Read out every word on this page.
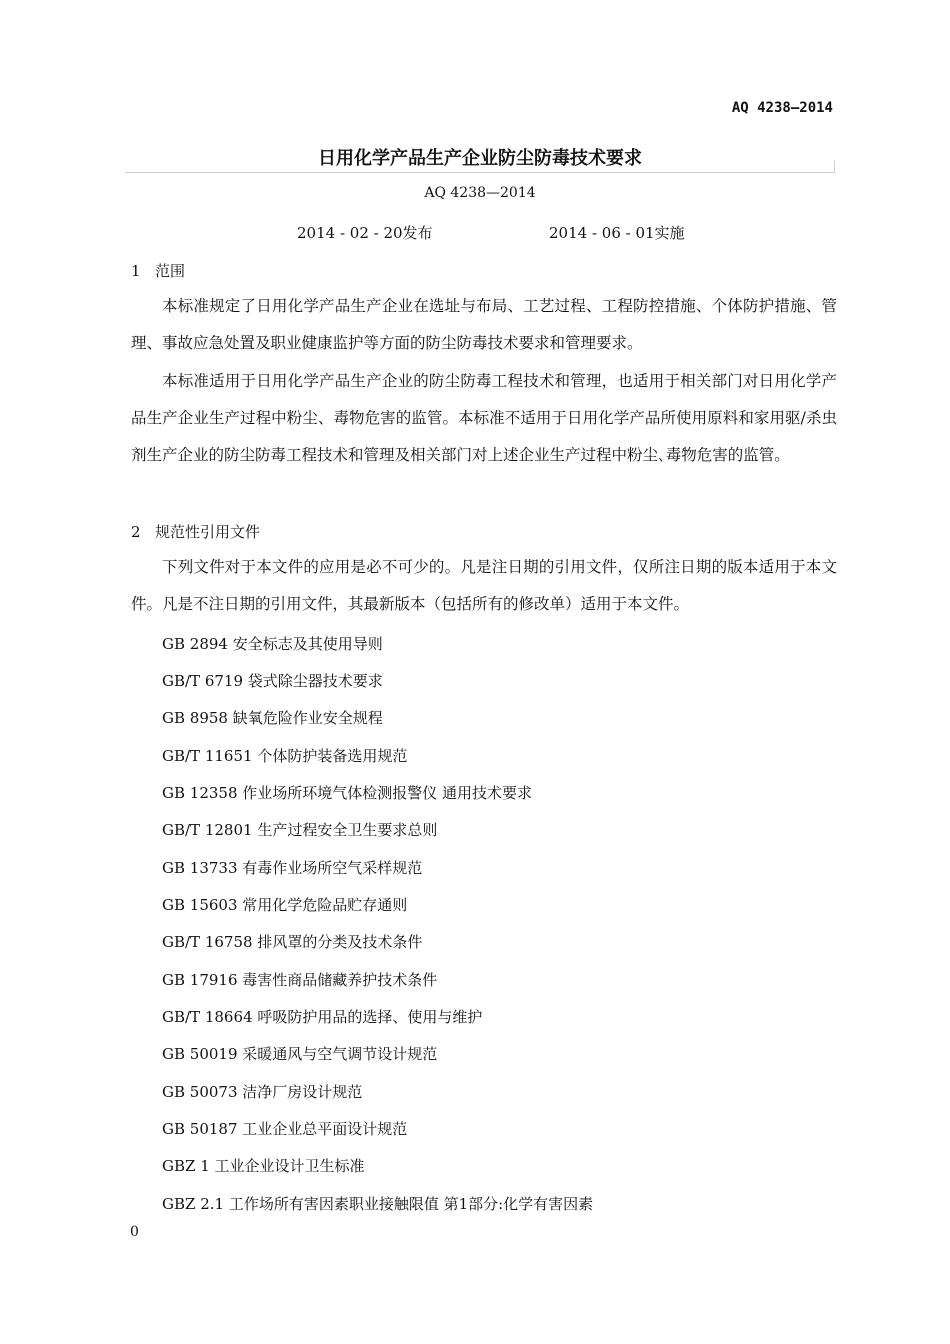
AQ 4238—2014
日用化学产品生产企业防尘防毒技术要求
AQ 4238—2014
2014 - 02 - 20发布	2014 - 06 - 01实施
1 范围

本标准规定了日用化学产品生产企业在选址与布局、工艺过程、工程防控措施、个体防护措施、管理、事故应急处置及职业健康监护等方面的防尘防毒技术要求和管理要求。

本标准适用于日用化学产品生产企业的防尘防毒工程技术和管理，也适用于相关部门对日用化学产品生产企业生产过程中粉尘、毒物危害的监管。本标准不适用于日用化学产品所使用原料和家用驱/杀虫剂生产企业的防尘防毒工程技术和管理及相关部门对上述企业生产过程中粉尘､毒物危害的监管。

2 规范性引用文件

下列文件对于本文件的应用是必不可少的。凡是注日期的引用文件，仅所注日期的版本适用于本文件。凡是不注日期的引用文件，其最新版本（包括所有的修改单）适用于本文件。

GB 2894 安全标志及其使用导则
GB/T 6719 袋式除尘器技术要求
GB 8958 缺氧危险作业安全规程
GB/T 11651 个体防护装备选用规范
GB 12358 作业场所环境气体检测报警仪 通用技术要求
GB/T 12801 生产过程安全卫生要求总则
GB 13733 有毒作业场所空气采样规范
GB 15603 常用化学危险品贮存通则
GB/T 16758 排风罩的分类及技术条件
GB 17916 毒害性商品储藏养护技术条件
GB/T 18664 呼吸防护用品的选择、使用与维护
GB 50019 采暖通风与空气调节设计规范
GB 50073 洁净厂房设计规范
GB 50187 工业企业总平面设计规范
GBZ 1 工业企业设计卫生标准
GBZ 2.1 工作场所有害因素职业接触限值 第1部分:化学有害因素
0
